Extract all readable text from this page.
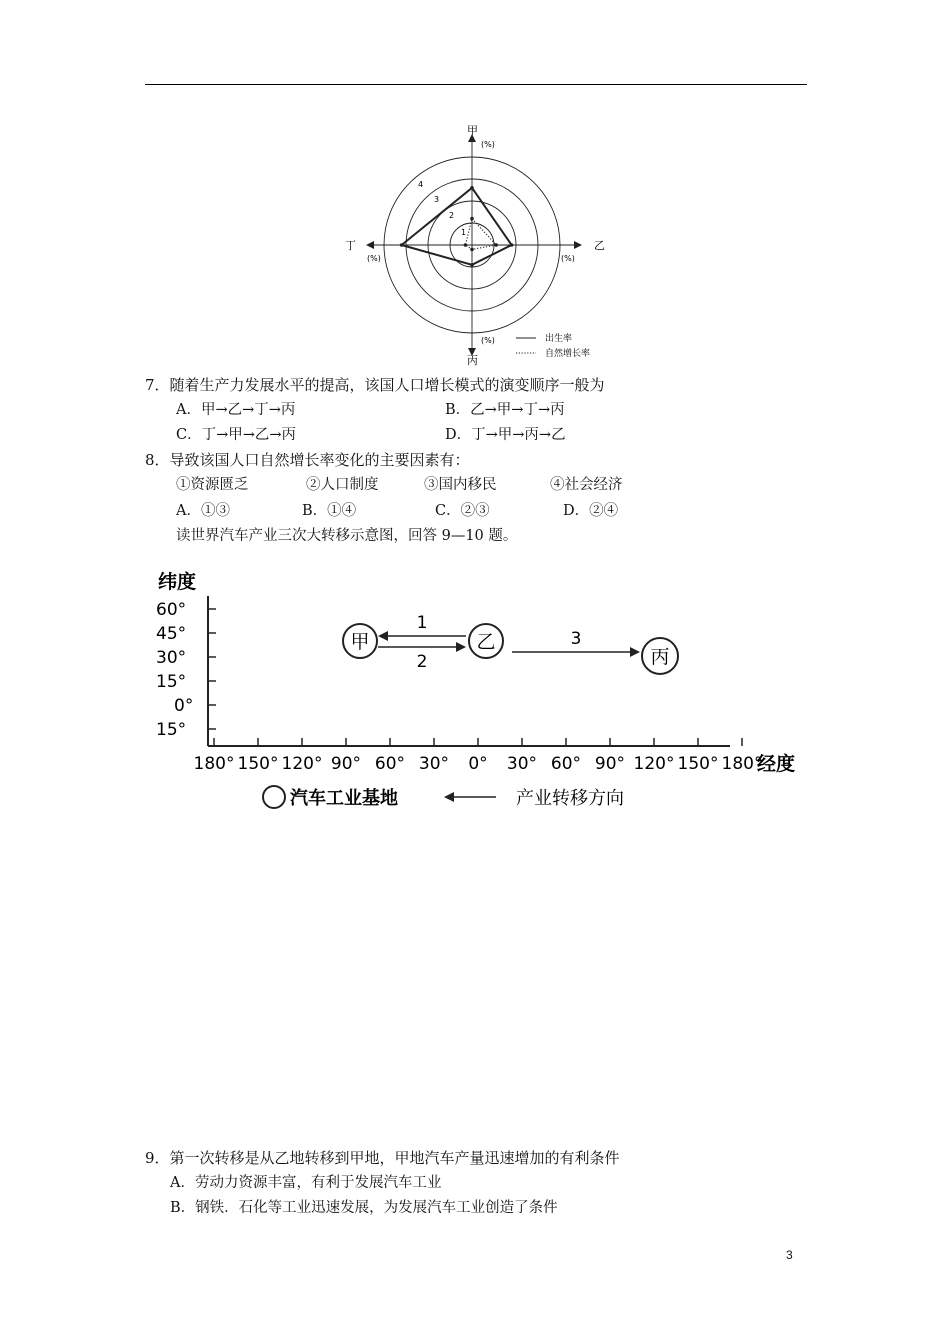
甲
(%)
乙
(%)
丙
(%)
丁
(%)
1
2
3
4
出生率
自然增长率
7．随着生产力发展水平的提高，该国人口增长模式的演变顺序一般为
A．甲→乙→丁→丙	B．乙→甲→丁→丙
C．丁→甲→乙→丙	D．丁→甲→丙→乙
8．导致该国人口自然增长率变化的主要因素有：
①资源匮乏	②人口制度	③国内移民	④社会经济
A．①③	B．①④	C．②③	D．②④
读世界汽车产业三次大转移示意图，回答 9—10 题。
纬度
60°
45°
30°
15°
0°
15°
180° 150° 120° 90° 60° 30° 0° 30° 60° 90° 120° 150° 180°
经度
甲	乙
丙
1
2
3
汽车工业基地	产业转移方向
9．第一次转移是从乙地转移到甲地，甲地汽车产量迅速增加的有利条件
A．劳动力资源丰富，有利于发展汽车工业
B．钢铁．石化等工业迅速发展，为发展汽车工业创造了条件
3
